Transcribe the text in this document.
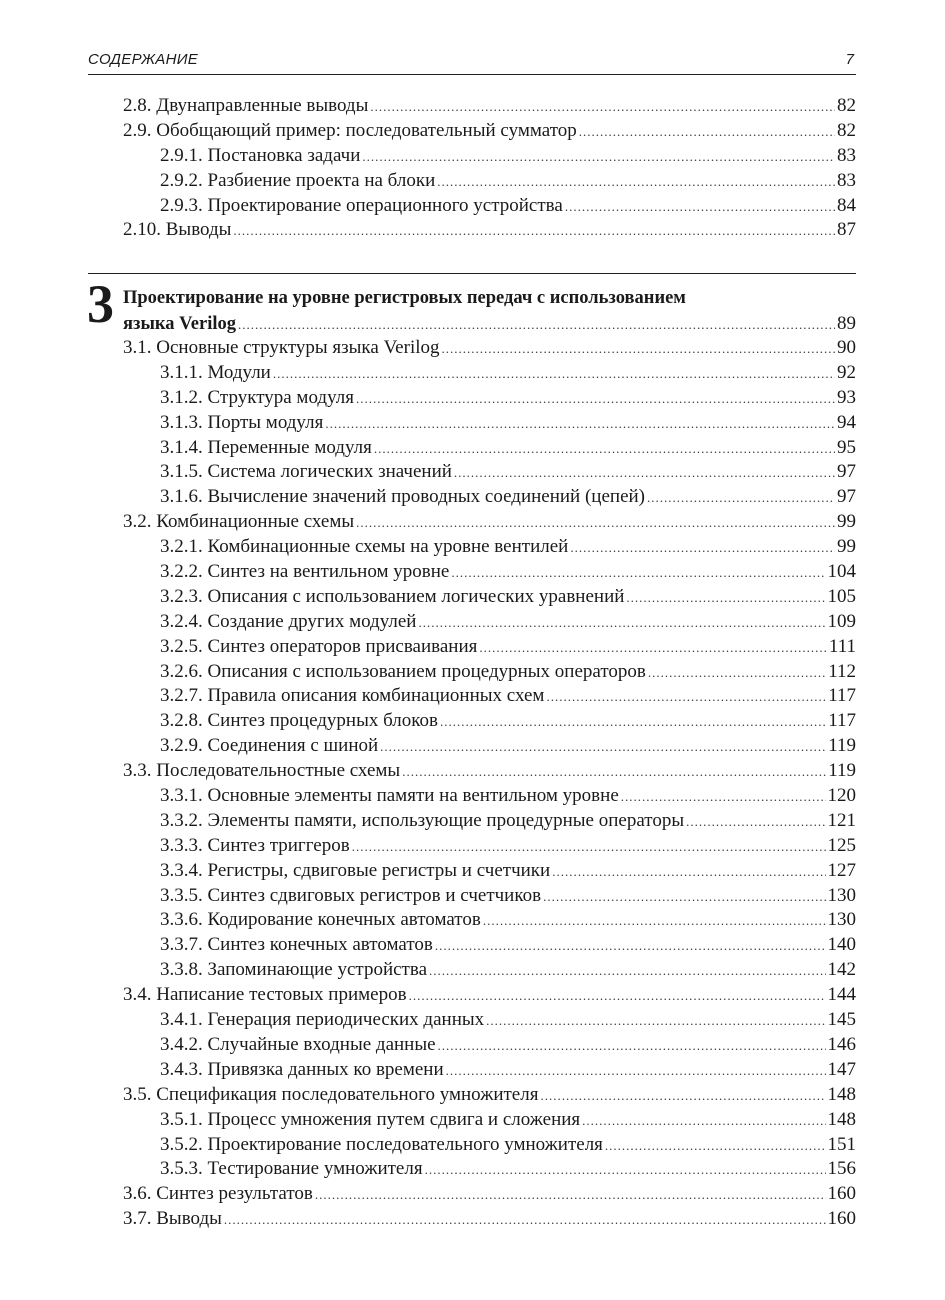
СОДЕРЖАНИЕ	7
2.8. Двунаправленные выводы .....	82
2.9. Обобщающий пример: последовательный сумматор .....	82
2.9.1. Постановка задачи .....	83
2.9.2. Разбиение проекта на блоки .....	83
2.9.3. Проектирование операционного устройства .....	84
2.10. Выводы .....	87
3 Проектирование на уровне регистровых передач с использованием
языка Verilog .....	89
3.1. Основные структуры языка Verilog .....	90
3.1.1. Модули .....	92
3.1.2. Структура модуля .....	93
3.1.3. Порты модуля .....	94
3.1.4. Переменные модуля .....	95
3.1.5. Система логических значений .....	97
3.1.6. Вычисление значений проводных соединений (цепей) .....	97
3.2. Комбинационные схемы .....	99
3.2.1. Комбинационные схемы на уровне вентилей .....	99
3.2.2. Синтез на вентильном уровне .....	104
3.2.3. Описания с использованием логических уравнений .....	105
3.2.4. Создание других модулей .....	109
3.2.5. Синтез операторов присваивания .....	111
3.2.6. Описания с использованием процедурных операторов .....	112
3.2.7. Правила описания комбинационных схем .....	117
3.2.8. Синтез процедурных блоков .....	117
3.2.9. Соединения с шиной .....	119
3.3. Последовательностные схемы .....	119
3.3.1. Основные элементы памяти на вентильном уровне .....	120
3.3.2. Элементы памяти, использующие процедурные операторы .....	121
3.3.3. Синтез триггеров .....	125
3.3.4. Регистры, сдвиговые регистры и счетчики .....	127
3.3.5. Синтез сдвиговых регистров и счетчиков .....	130
3.3.6. Кодирование конечных автоматов .....	130
3.3.7. Синтез конечных автоматов .....	140
3.3.8. Запоминающие устройства .....	142
3.4. Написание тестовых примеров .....	144
3.4.1. Генерация периодических данных .....	145
3.4.2. Случайные входные данные .....	146
3.4.3. Привязка данных ко времени .....	147
3.5. Спецификация последовательного умножителя .....	148
3.5.1. Процесс умножения путем сдвига и сложения .....	148
3.5.2. Проектирование последовательного умножителя .....	151
3.5.3. Тестирование умножителя .....	156
3.6. Синтез результатов .....	160
3.7. Выводы .....	160
